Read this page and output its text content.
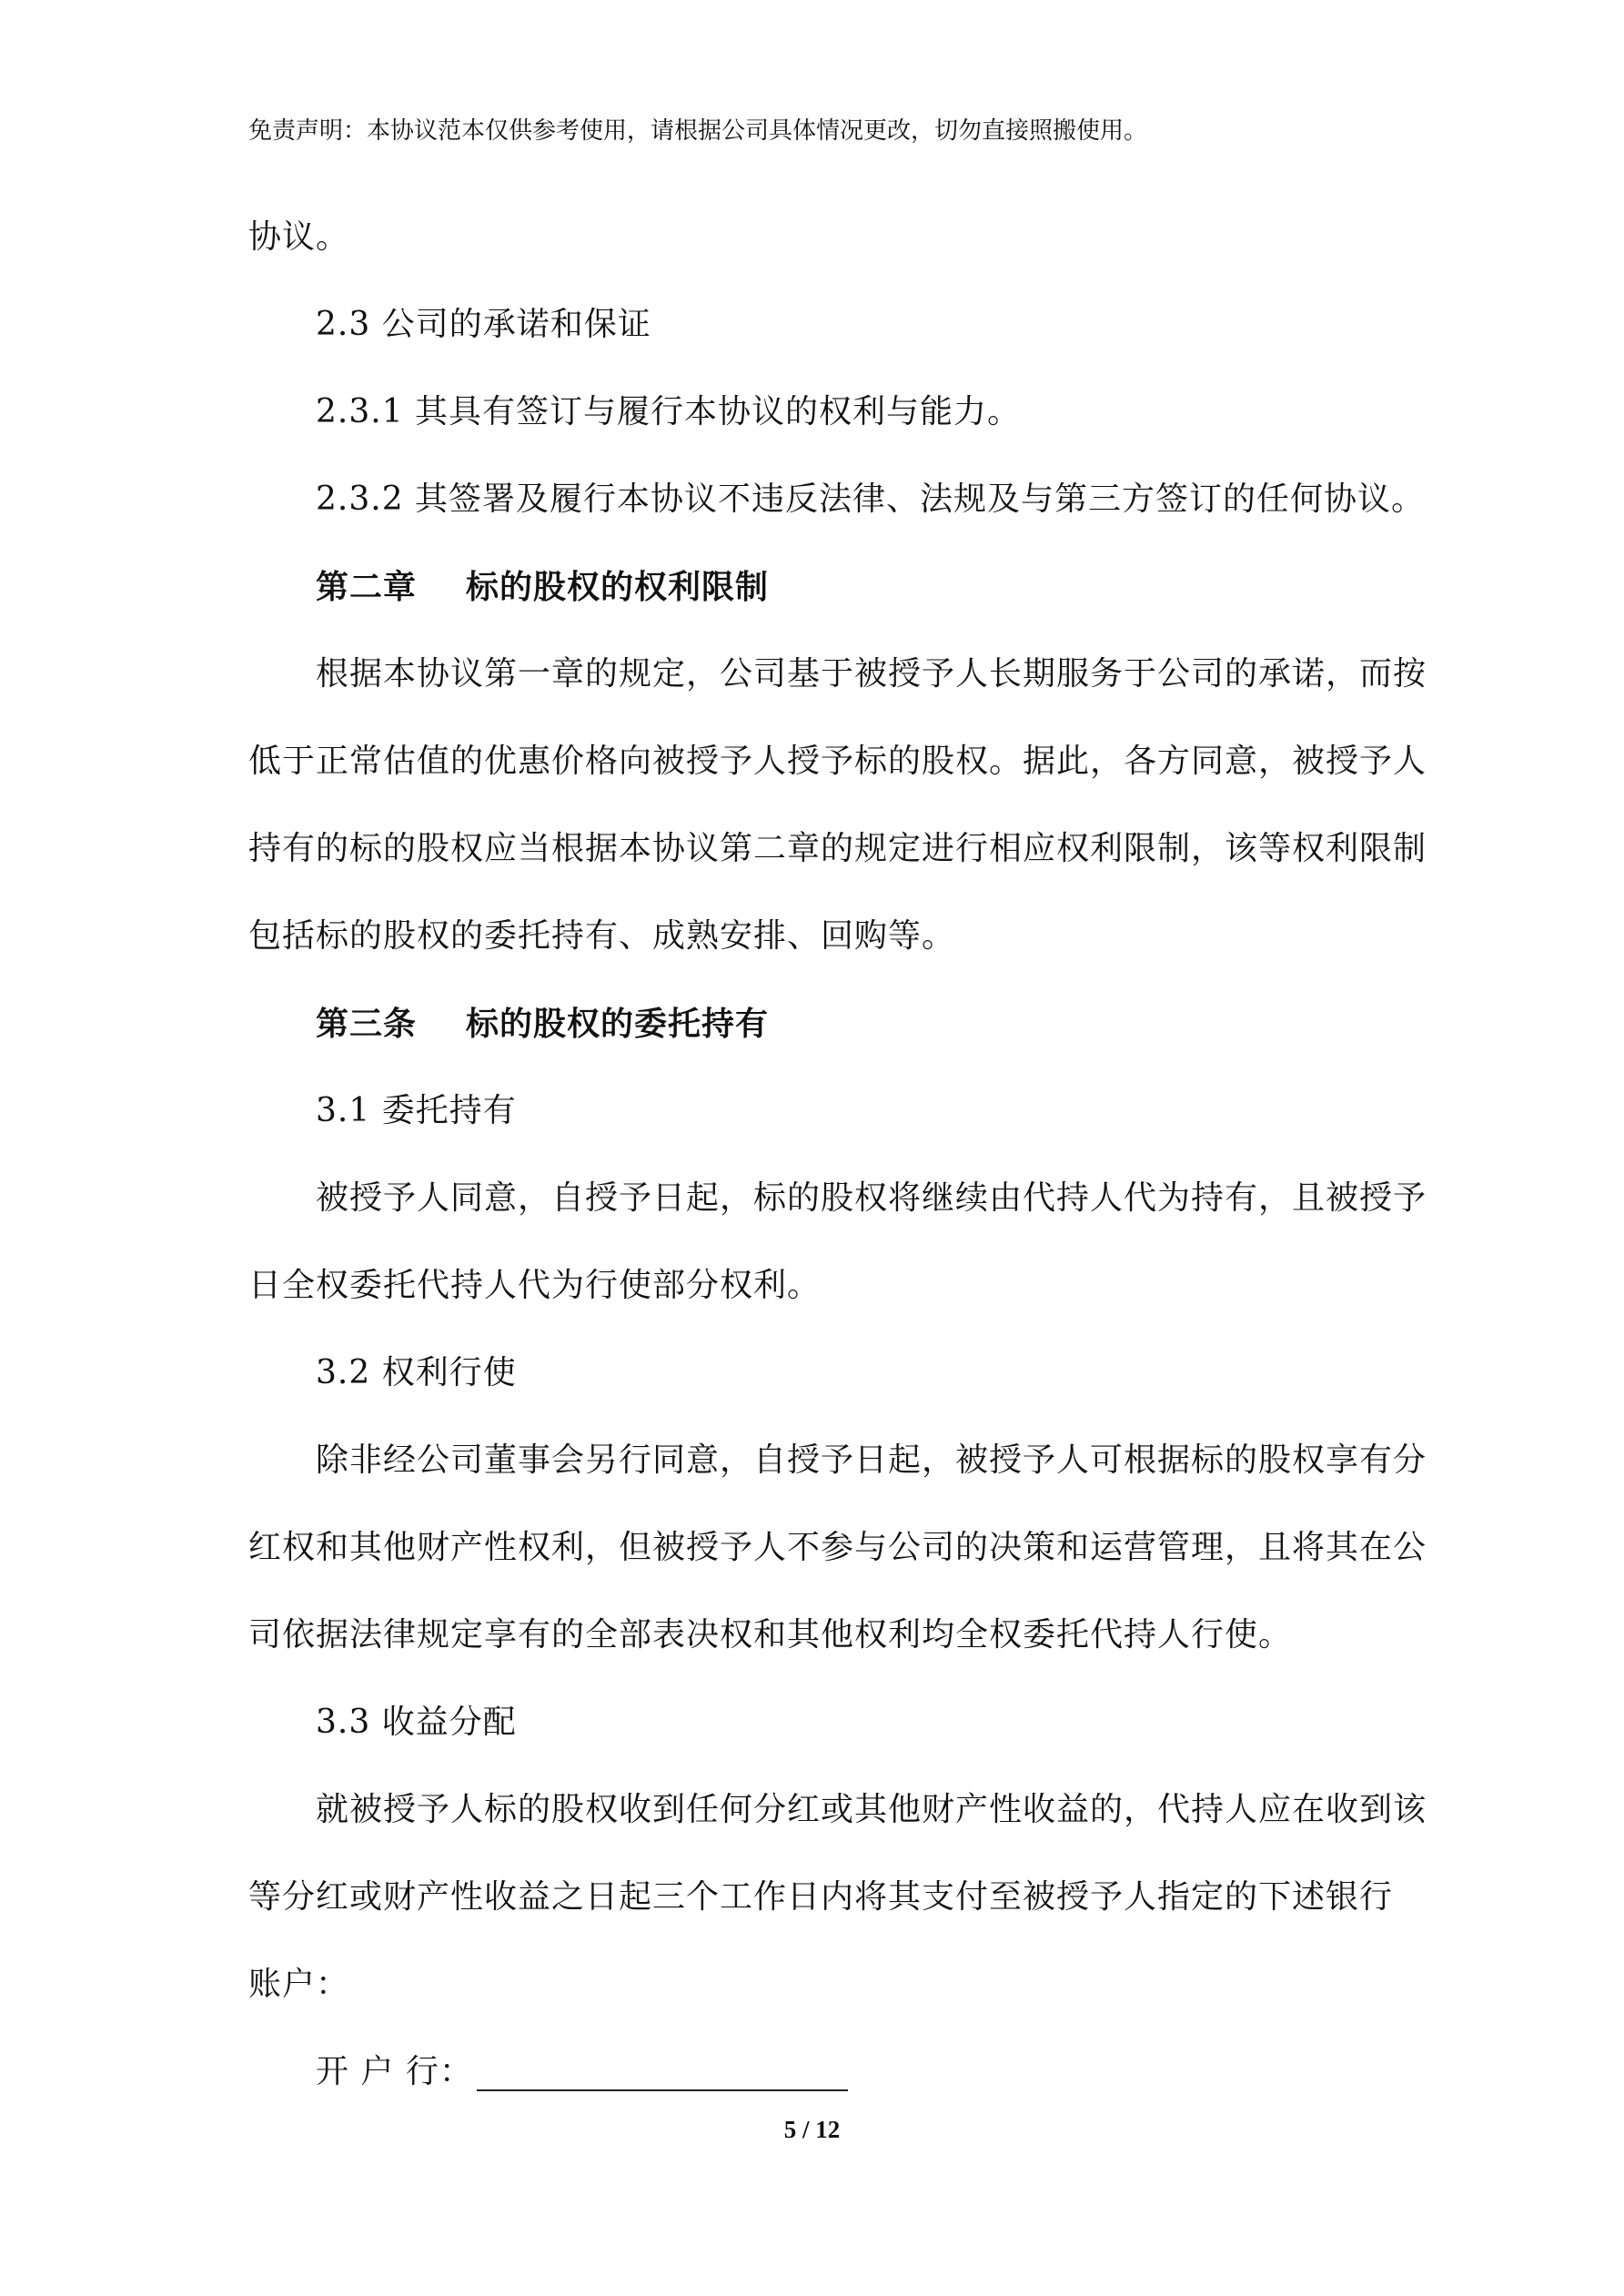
免责声明：本协议范本仅供参考使用，请根据公司具体情况更改，切勿直接照搬使用。
协议。
2.3 公司的承诺和保证
2.3.1 其具有签订与履行本协议的权利与能力。
2.3.2 其签署及履行本协议不违反法律、法规及与第三方签订的任何协议。
第二章 标的股权的权利限制
根据本协议第一章的规定，公司基于被授予人长期服务于公司的承诺，而按
低于正常估值的优惠价格向被授予人授予标的股权。据此，各方同意，被授予人
持有的标的股权应当根据本协议第二章的规定进行相应权利限制，该等权利限制
包括标的股权的委托持有、成熟安排、回购等。
第三条 标的股权的委托持有
3.1 委托持有
被授予人同意，自授予日起，标的股权将继续由代持人代为持有，且被授予
日全权委托代持人代为行使部分权利。
3.2 权利行使
除非经公司董事会另行同意，自授予日起，被授予人可根据标的股权享有分
红权和其他财产性权利，但被授予人不参与公司的决策和运营管理，且将其在公
司依据法律规定享有的全部表决权和其他权利均全权委托代持人行使。
3.3 收益分配
就被授予人标的股权收到任何分红或其他财产性收益的，代持人应在收到该
等分红或财产性收益之日起三个工作日内将其支付至被授予人指定的下述银行
账户：
开 户 行：
5 / 12
